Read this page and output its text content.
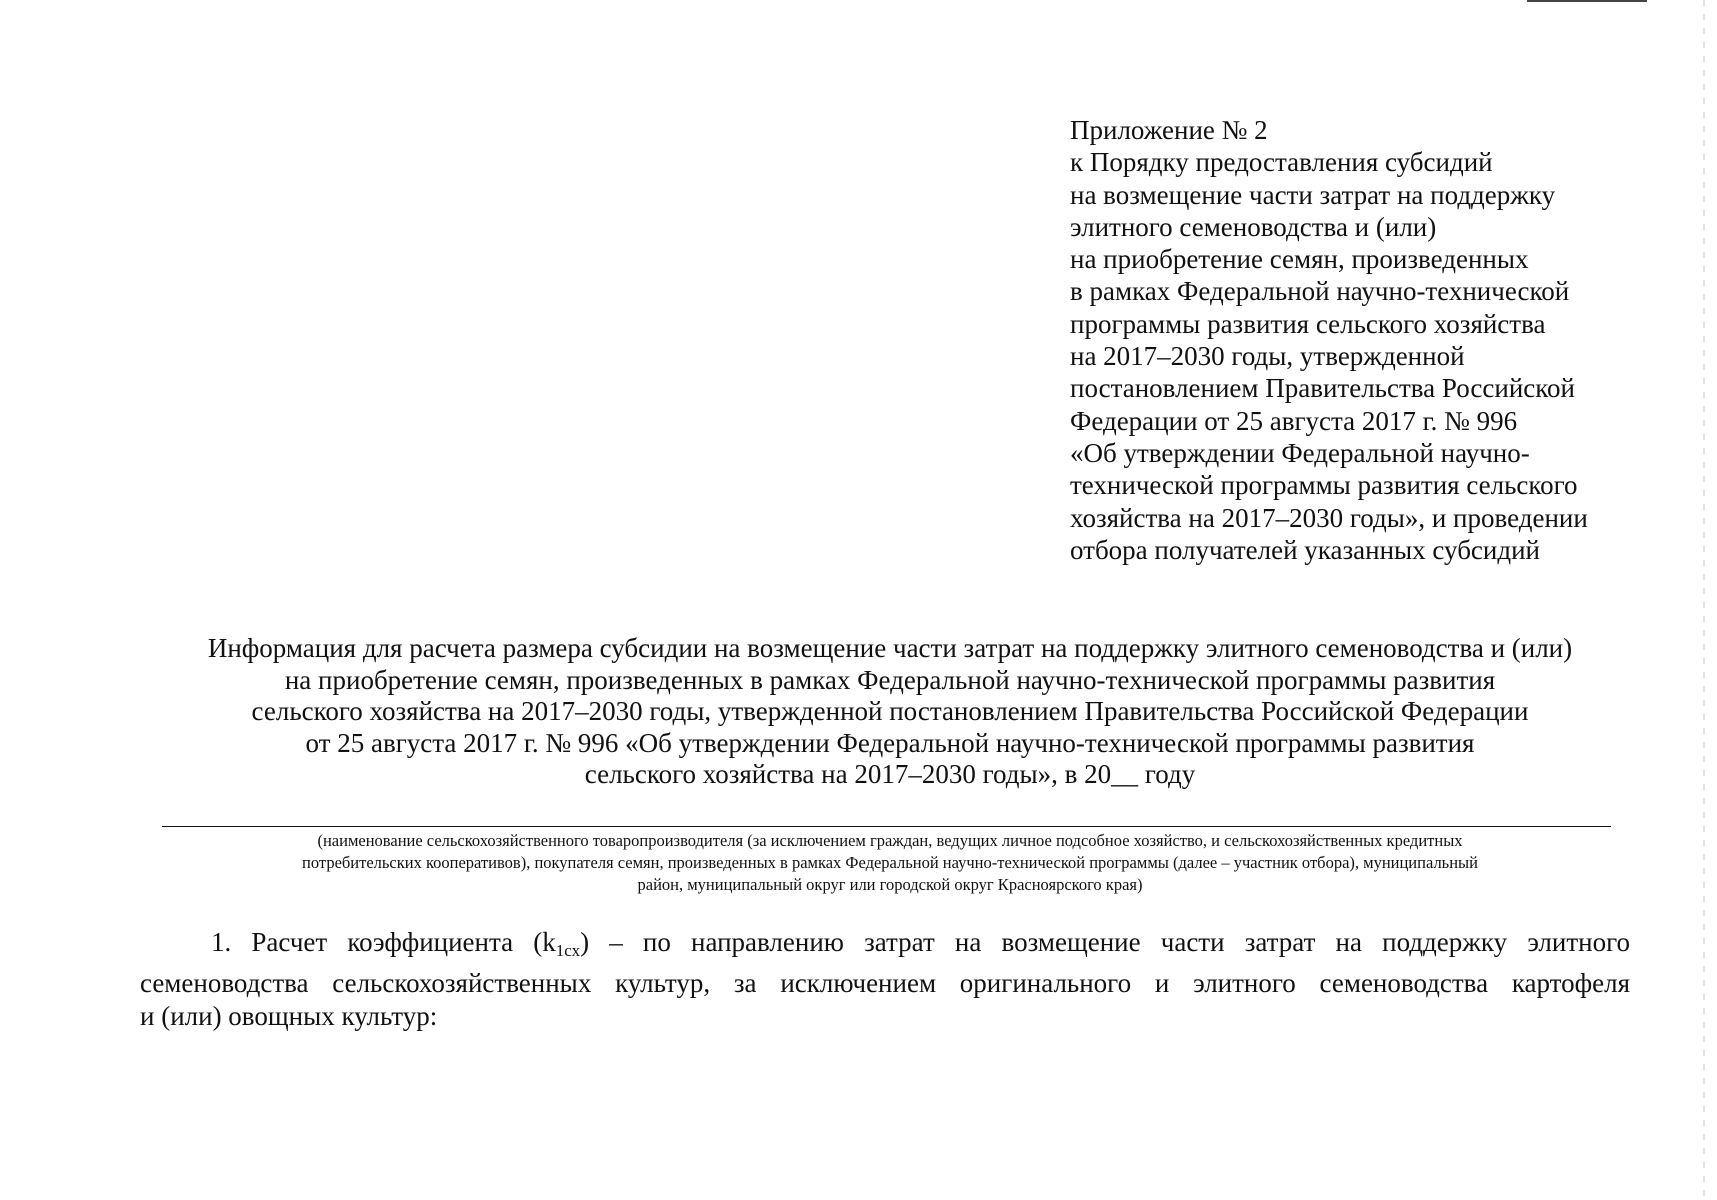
Приложение № 2
к Порядку предоставления субсидий
на возмещение части затрат на поддержку
элитного семеноводства и (или)
на приобретение семян, произведенных
в рамках Федеральной научно-технической
программы развития сельского хозяйства
на 2017–2030 годы, утвержденной
постановлением Правительства Российской
Федерации от 25 августа 2017 г. № 996
«Об утверждении Федеральной научно-
технической программы развития сельского
хозяйства на 2017–2030 годы», и проведении
отбора получателей указанных субсидий
Информация для расчета размера субсидии на возмещение части затрат на поддержку элитного семеноводства и (или)
на приобретение семян, произведенных в рамках Федеральной научно-технической программы развития
сельского хозяйства на 2017–2030 годы, утвержденной постановлением Правительства Российской Федерации
от 25 августа 2017 г. № 996 «Об утверждении Федеральной научно-технической программы развития
сельского хозяйства на 2017–2030 годы», в 20__ году
(наименование сельскохозяйственного товаропроизводителя (за исключением граждан, ведущих личное подсобное хозяйство, и сельскохозяйственных кредитных
потребительских кооперативов), покупателя семян, произведенных в рамках Федеральной научно-технической программы (далее – участник отбора), муниципальный
район, муниципальный округ или городской округ Красноярского края)
1. Расчет коэффициента (k1сх) – по направлению затрат на возмещение части затрат на поддержку элитного
семеноводства сельскохозяйственных культур, за исключением оригинального и элитного семеноводства картофеля
и (или) овощных культур:
